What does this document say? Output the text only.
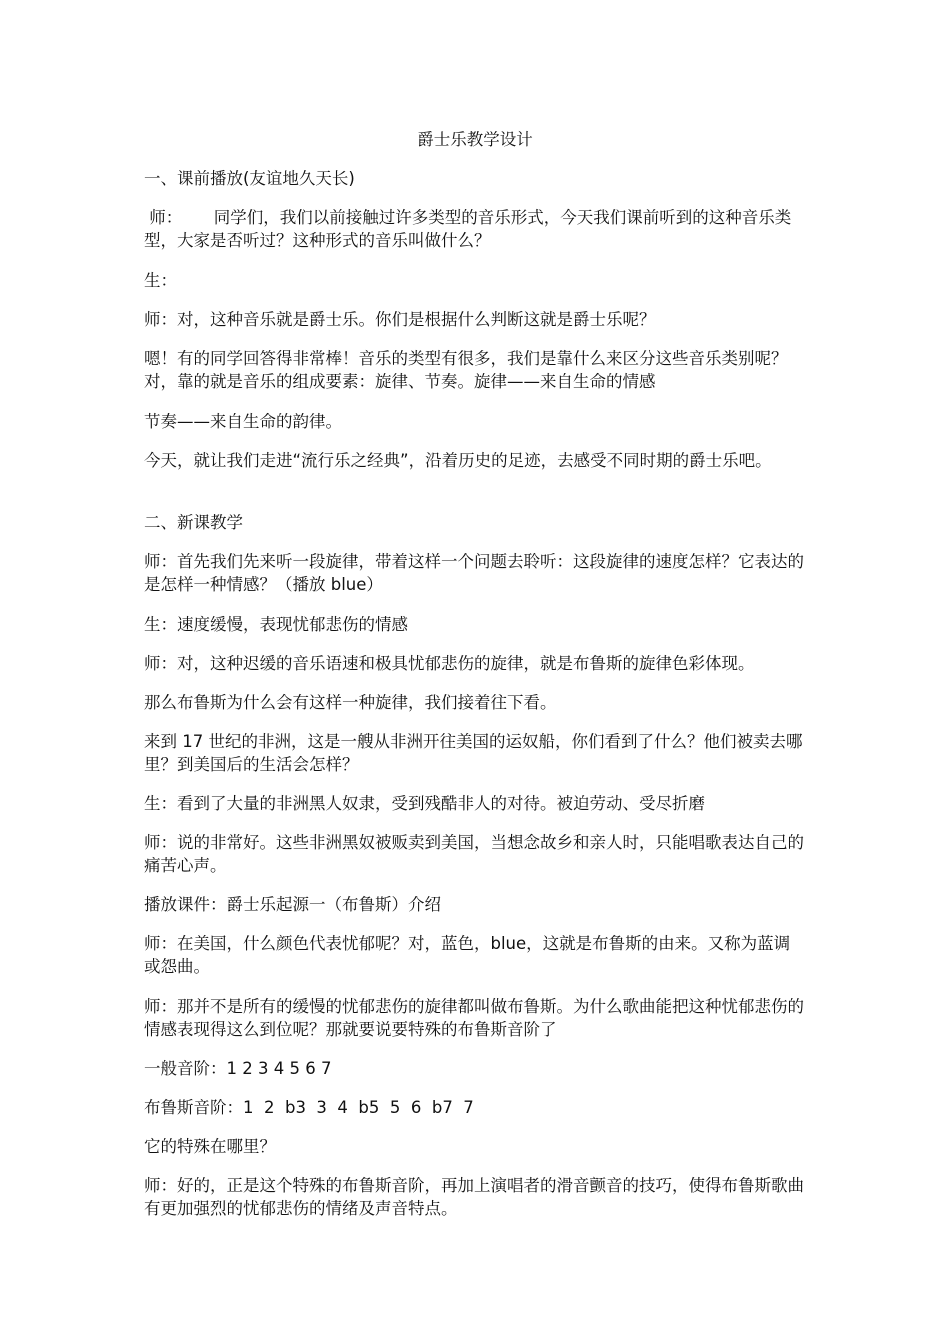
爵士乐教学设计

一、课前播放(友谊地久天长)

师：      同学们，我们以前接触过许多类型的音乐形式，今天我们课前听到的这种音乐类型，大家是否听过？这种形式的音乐叫做什么？

生：

师：对，这种音乐就是爵士乐。你们是根据什么判断这就是爵士乐呢？

嗯！有的同学回答得非常棒！音乐的类型有很多，我们是靠什么来区分这些音乐类别呢？对，靠的就是音乐的组成要素：旋律、节奏。旋律——来自生命的情感

节奏——来自生命的韵律。

今天，就让我们走进“流行乐之经典”，沿着历史的足迹，去感受不同时期的爵士乐吧。

二、新课教学

师：首先我们先来听一段旋律，带着这样一个问题去聆听：这段旋律的速度怎样？它表达的是怎样一种情感？（播放 blue）

生：速度缓慢，表现忧郁悲伤的情感

师：对，这种迟缓的音乐语速和极具忧郁悲伤的旋律，就是布鲁斯的旋律色彩体现。

那么布鲁斯为什么会有这样一种旋律，我们接着往下看。

来到 17 世纪的非洲，这是一艘从非洲开往美国的运奴船，你们看到了什么？他们被卖去哪里？到美国后的生活会怎样？

生：看到了大量的非洲黑人奴隶，受到残酷非人的对待。被迫劳动、受尽折磨

师：说的非常好。这些非洲黑奴被贩卖到美国，当想念故乡和亲人时，只能唱歌表达自己的痛苦心声。

播放课件：爵士乐起源一（布鲁斯）介绍

师：在美国，什么颜色代表忧郁呢？对，蓝色，blue，这就是布鲁斯的由来。又称为蓝调或怨曲。

师：那并不是所有的缓慢的忧郁悲伤的旋律都叫做布鲁斯。为什么歌曲能把这种忧郁悲伤的情感表现得这么到位呢？那就要说要特殊的布鲁斯音阶了

一般音阶：1 2 3 4 5 6 7

布鲁斯音阶：1  2  b3  3  4  b5  5  6  b7  7

它的特殊在哪里？

师：好的，正是这个特殊的布鲁斯音阶，再加上演唱者的滑音颤音的技巧，使得布鲁斯歌曲有更加强烈的忧郁悲伤的情绪及声音特点。
